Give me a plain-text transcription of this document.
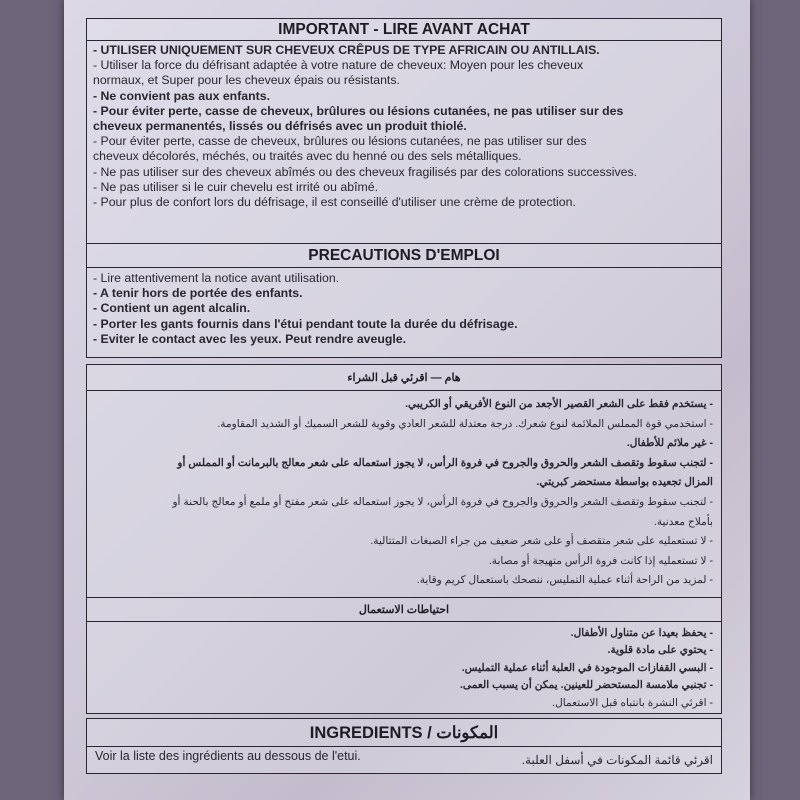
IMPORTANT - LIRE AVANT ACHAT
- UTILISER UNIQUEMENT SUR CHEVEUX CRÊPUS DE TYPE AFRICAIN OU ANTILLAIS.
- Utiliser la force du défrisant adaptée à votre nature de cheveux: Moyen pour les cheveux
normaux, et Super pour les cheveux épais ou résistants.
- Ne convient pas aux enfants.
- Pour éviter perte, casse de cheveux, brûlures ou lésions cutanées, ne pas utiliser sur des
cheveux permanentés, lissés ou défrisés avec un produit thiolé.
- Pour éviter perte, casse de cheveux, brûlures ou lésions cutanées, ne pas utiliser sur des
cheveux décolorés, méchés, ou traités avec du henné ou des sels métalliques.
- Ne pas utiliser sur des cheveux abîmés ou des cheveux fragilisés par des colorations successives.
- Ne pas utiliser si le cuir chevelu est irrité ou abîmé.
- Pour plus de confort lors du défrisage, il est conseillé d'utiliser une crème de protection.
PRECAUTIONS D'EMPLOI
- Lire attentivement la notice avant utilisation.
- A tenir hors de portée des enfants.
- Contient un agent alcalin.
- Porter les gants fournis dans l'étui pendant toute la durée du défrisage.
- Eviter le contact avec les yeux. Peut rendre aveugle.
هام — اقرئي قبل الشراء
- يستخدم فقط على الشعر القصير الأجعد من النوع الأفريقي أو الكريبي.
- استخدمي قوة المملس الملائمة لنوع شعرك. درجة معتدلة للشعر العادي وقوية للشعر السميك أو الشديد المقاومة.
- غير ملائم للأطفال.
- لتجنب سقوط وتقصف الشعر والحروق والجروح في فروة الرأس، لا يجوز استعماله على شعر معالج بالبرمانت أو المملس أو
المزال تجعيده بواسطة مستحضر كبريتي.
- لتجنب سقوط وتقصف الشعر والحروق والجروح في فروة الرأس، لا يجوز استعماله على شعر مفتح أو ملمع أو معالج بالحنة أو
بأملاح معدنية.
- لا تستعمليه على شعر متقصف أو على شعر ضعيف من جراء الصبغات المتتالية.
- لا تستعمليه إذا كانت فروة الرأس متهيجة أو مصابة.
- لمزيد من الراحة أثناء عملية التمليس، ننصحك باستعمال كريم وقاية.
احتياطات الاستعمال
- يحفظ بعيدا عن متناول الأطفال.
- يحتوي على مادة قلوية.
- البسي القفازات الموجودة في العلبة أثناء عملية التمليس.
- تجنبي ملامسة المستحضر للعينين. يمكن أن يسبب العمى.
- اقرئي النشرة بانتباه قبل الاستعمال.
INGREDIENTS / المكونات
Voir la liste des ingrédients au dessous de l'etui.	اقرئي قائمة المكونات في أسفل العلبة.
